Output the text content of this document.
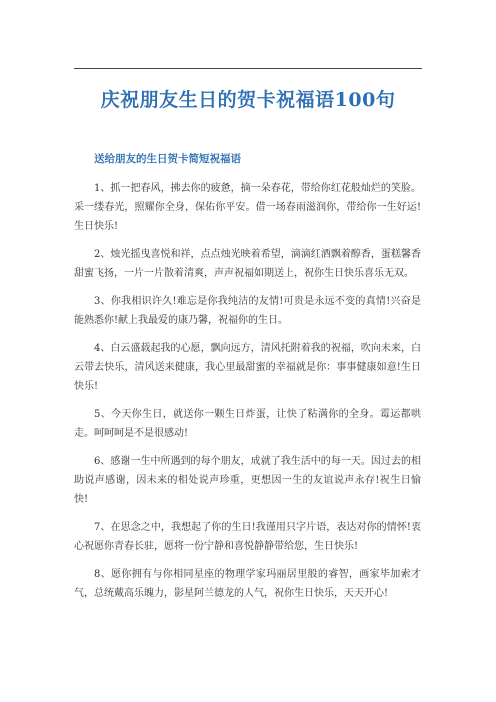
庆祝朋友生日的贺卡祝福语100句
送给朋友的生日贺卡简短祝福语

1、抓一把春风，拂去你的疲惫，摘一朵春花，带给你红花般灿烂的笑脸。采一缕春光，照耀你全身，保佑你平安。借一场春雨滋润你，带给你一生好运!生日快乐!

2、烛光摇曳喜悦和祥，点点烛光映着希望，滴滴红酒飘着醇香，蛋糕馨香甜蜜飞扬，一片一片散着清爽，声声祝福如期送上，祝你生日快乐喜乐无双。

3、你我相识许久!难忘是你我纯洁的友情!可贵是永远不变的真情!兴奋是能熟悉你!献上我最爱的康乃馨，祝福你的生日。

4、白云盛载起我的心愿，飘向远方，清风托附着我的祝福，吹向未来，白云带去快乐，清风送来健康，我心里最甜蜜的幸福就是你：事事健康如意!生日快乐!

5、今天你生日，就送你一颗生日炸蛋，让快了粘满你的全身。霉运都哄走。呵呵呵是不是很感动!

6、感谢一生中所遇到的每个朋友，成就了我生活中的每一天。因过去的相助说声感谢，因未来的相处说声珍重，更想因一生的友谊说声永存!祝生日愉快!

7、在思念之中，我想起了你的生日!我谨用只字片语，表达对你的情怀!衷心祝愿你青春长驻，愿将一份宁静和喜悦静静带给您，生日快乐!

8、愿你拥有与你相同星座的物理学家玛丽居里般的睿智，画家毕加索才气，总统戴高乐魄力，影星阿兰德龙的人气，祝你生日快乐，天天开心!
